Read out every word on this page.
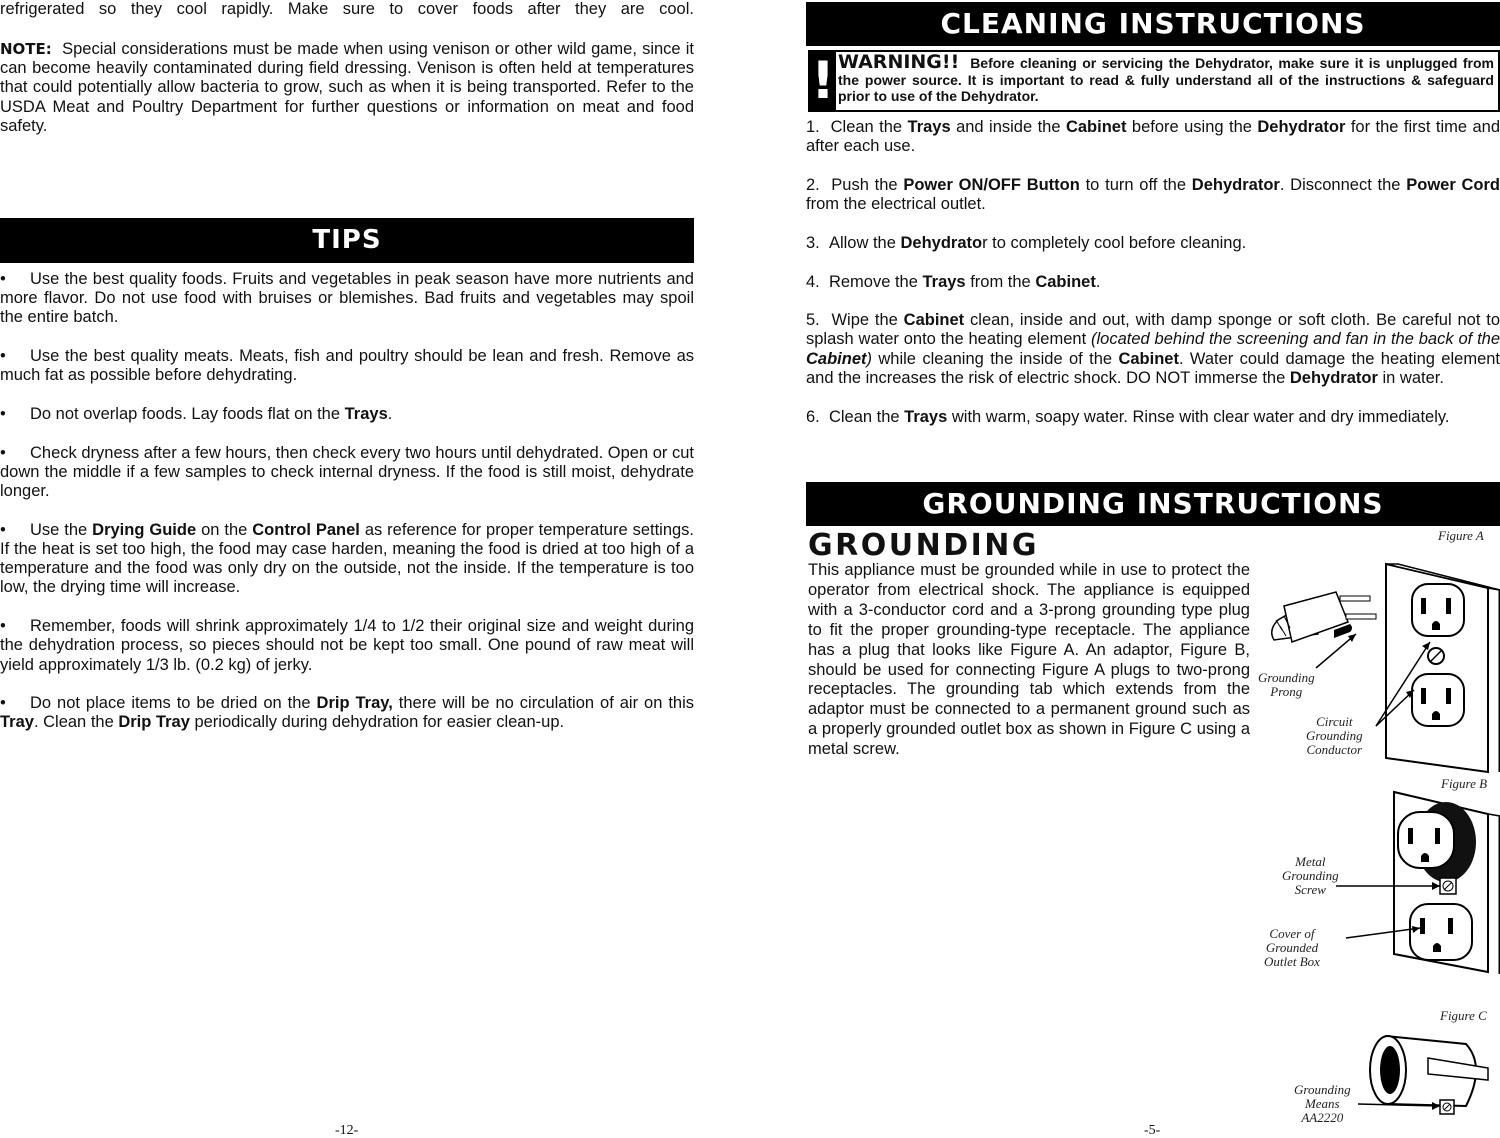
refrigerated so they cool rapidly. Make sure to cover foods after they are cool.

NOTE: Special considerations must be made when using venison or other wild game, since it can become heavily contaminated during field dressing. Venison is often held at temperatures that could potentially allow bacteria to grow, such as when it is being transported. Refer to the USDA Meat and Poultry Department for further questions or information on meat and food safety.

TIPS
• Use the best quality foods. Fruits and vegetables in peak season have more nutrients and more flavor. Do not use food with bruises or blemishes. Bad fruits and vegetables may spoil the entire batch.
• Use the best quality meats. Meats, fish and poultry should be lean and fresh. Remove as much fat as possible before dehydrating.
• Do not overlap foods. Lay foods flat on the Trays.
• Check dryness after a few hours, then check every two hours until dehydrated. Open or cut down the middle if a few samples to check internal dryness. If the food is still moist, dehydrate longer.
• Use the Drying Guide on the Control Panel as reference for proper temperature settings. If the heat is set too high, the food may case harden, meaning the food is dried at too high of a temperature and the food was only dry on the outside, not the inside. If the temperature is too low, the drying time will increase.
• Remember, foods will shrink approximately 1/4 to 1/2 their original size and weight during the dehydration process, so pieces should not be kept too small. One pound of raw meat will yield approximately 1/3 lb. (0.2 kg) of jerky.
• Do not place items to be dried on the Drip Tray, there will be no circulation of air on this Tray. Clean the Drip Tray periodically during dehydration for easier clean-up.
-12-
CLEANING INSTRUCTIONS
! WARNING!! Before cleaning or servicing the Dehydrator, make sure it is unplugged from the power source. It is important to read & fully understand all of the instructions & safeguard prior to use of the Dehydrator.

1. Clean the Trays and inside the Cabinet before using the Dehydrator for the first time and after each use.

2. Push the Power ON/OFF Button to turn off the Dehydrator. Disconnect the Power Cord from the electrical outlet.

3. Allow the Dehydrator to completely cool before cleaning.

4. Remove the Trays from the Cabinet.

5. Wipe the Cabinet clean, inside and out, with damp sponge or soft cloth. Be careful not to splash water onto the heating element (located behind the screening and fan in the back of the Cabinet) while cleaning the inside of the Cabinet. Water could damage the heating element and the increases the risk of electric shock. DO NOT immerse the Dehydrator in water.

6. Clean the Trays with warm, soapy water. Rinse with clear water and dry immediately.

GROUNDING INSTRUCTIONS
GROUNDING

This appliance must be grounded while in use to protect the operator from electrical shock. The appliance is equipped with a 3-conductor cord and a 3-prong grounding type plug to fit the proper grounding-type receptacle. The appliance has a plug that looks like Figure A. An adaptor, Figure B, should be used for connecting Figure A plugs to two-prong receptacles. The grounding tab which extends from the adaptor must be connected to a permanent ground such as a properly grounded outlet box as shown in Figure C using a metal screw.

Figure A
Grounding
Prong
Circuit
Grounding
Conductor
Figure B
Metal
Grounding
Screw
Cover of
Grounded
Outlet Box
Figure C
Grounding
Means
AA2220
-5-
